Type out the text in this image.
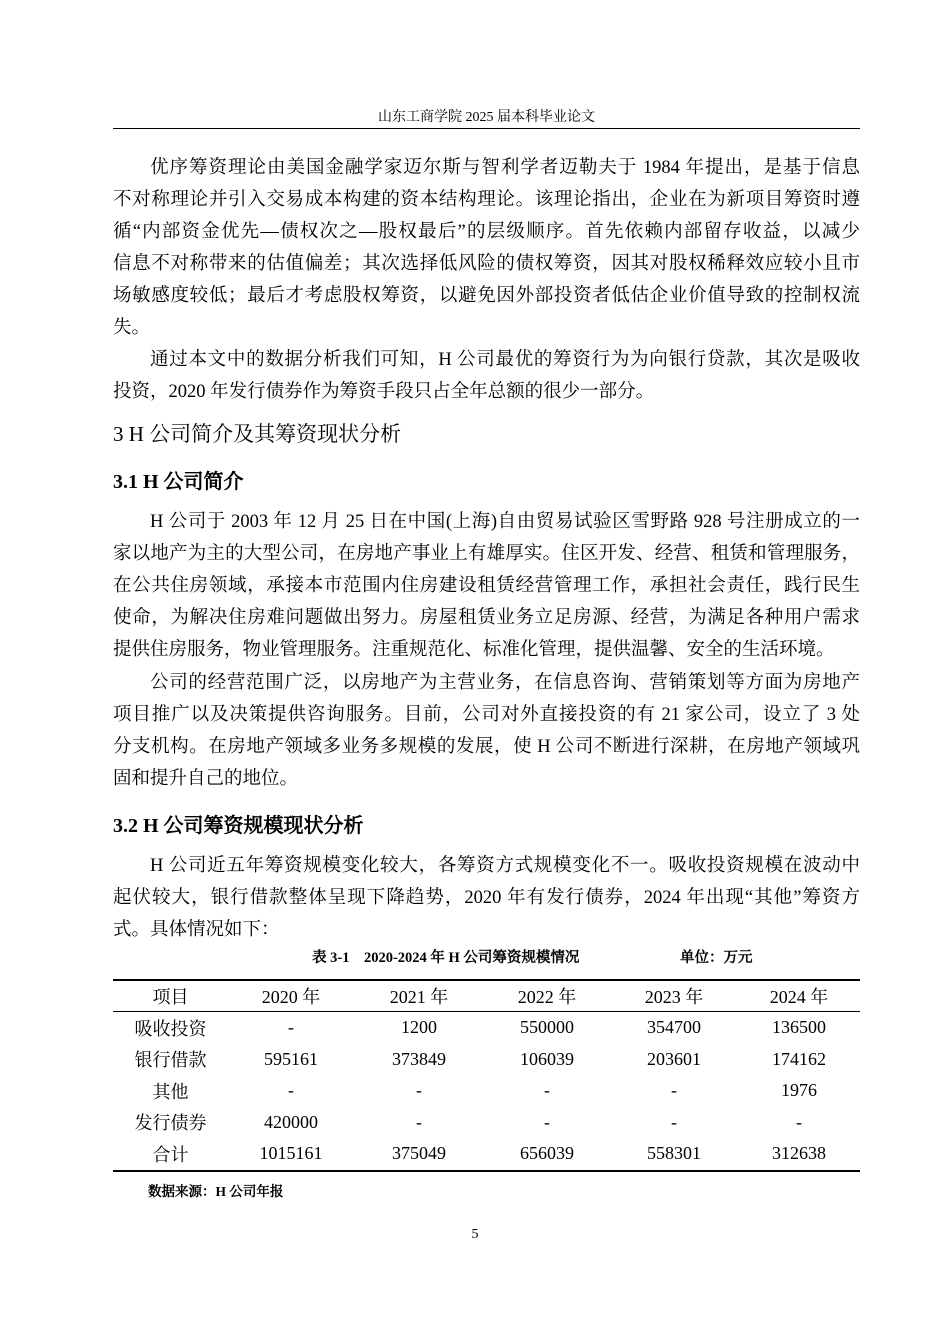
山东工商学院 2025 届本科毕业论文
优序筹资理论由美国金融学家迈尔斯与智利学者迈勒夫于 1984 年提出，是基于信息
不对称理论并引入交易成本构建的资本结构理论。该理论指出，企业在为新项目筹资时遵
循“内部资金优先—债权次之—股权最后”的层级顺序。首先依赖内部留存收益，以减少
信息不对称带来的估值偏差；其次选择低风险的债权筹资，因其对股权稀释效应较小且市
场敏感度较低；最后才考虑股权筹资，以避免因外部投资者低估企业价值导致的控制权流
失。
通过本文中的数据分析我们可知，H 公司最优的筹资行为为向银行贷款，其次是吸收
投资，2020 年发行债券作为筹资手段只占全年总额的很少一部分。
3 H 公司简介及其筹资现状分析
3.1 H 公司简介
H 公司于 2003 年 12 月 25 日在中国(上海)自由贸易试验区雪野路 928 号注册成立的一
家以地产为主的大型公司，在房地产事业上有雄厚实。住区开发、经营、租赁和管理服务，
在公共住房领域，承接本市范围内住房建设租赁经营管理工作，承担社会责任，践行民生
使命，为解决住房难问题做出努力。房屋租赁业务立足房源、经营，为满足各种用户需求
提供住房服务，物业管理服务。注重规范化、标准化管理，提供温馨、安全的生活环境。
公司的经营范围广泛，以房地产为主营业务，在信息咨询、营销策划等方面为房地产
项目推广以及决策提供咨询服务。目前，公司对外直接投资的有 21 家公司，设立了 3 处
分支机构。在房地产领域多业务多规模的发展，使 H 公司不断进行深耕，在房地产领域巩
固和提升自己的地位。
3.2 H 公司筹资规模现状分析
H 公司近五年筹资规模变化较大，各筹资方式规模变化不一。吸收投资规模在波动中
起伏较大，银行借款整体呈现下降趋势，2020 年有发行债券，2024 年出现“其他”筹资方
式。具体情况如下：
表 3-1　2020-2024 年 H 公司筹资规模情况	单位：万元
项目	2020 年	2021 年	2022 年	2023 年	2024 年
吸收投资	-	1200	550000	354700	136500
银行借款	595161	373849	106039	203601	174162
其他	-	-	-	-	1976
发行债券	420000	-	-	-	-
合计	1015161	375049	656039	558301	312638
数据来源：H 公司年报
5
